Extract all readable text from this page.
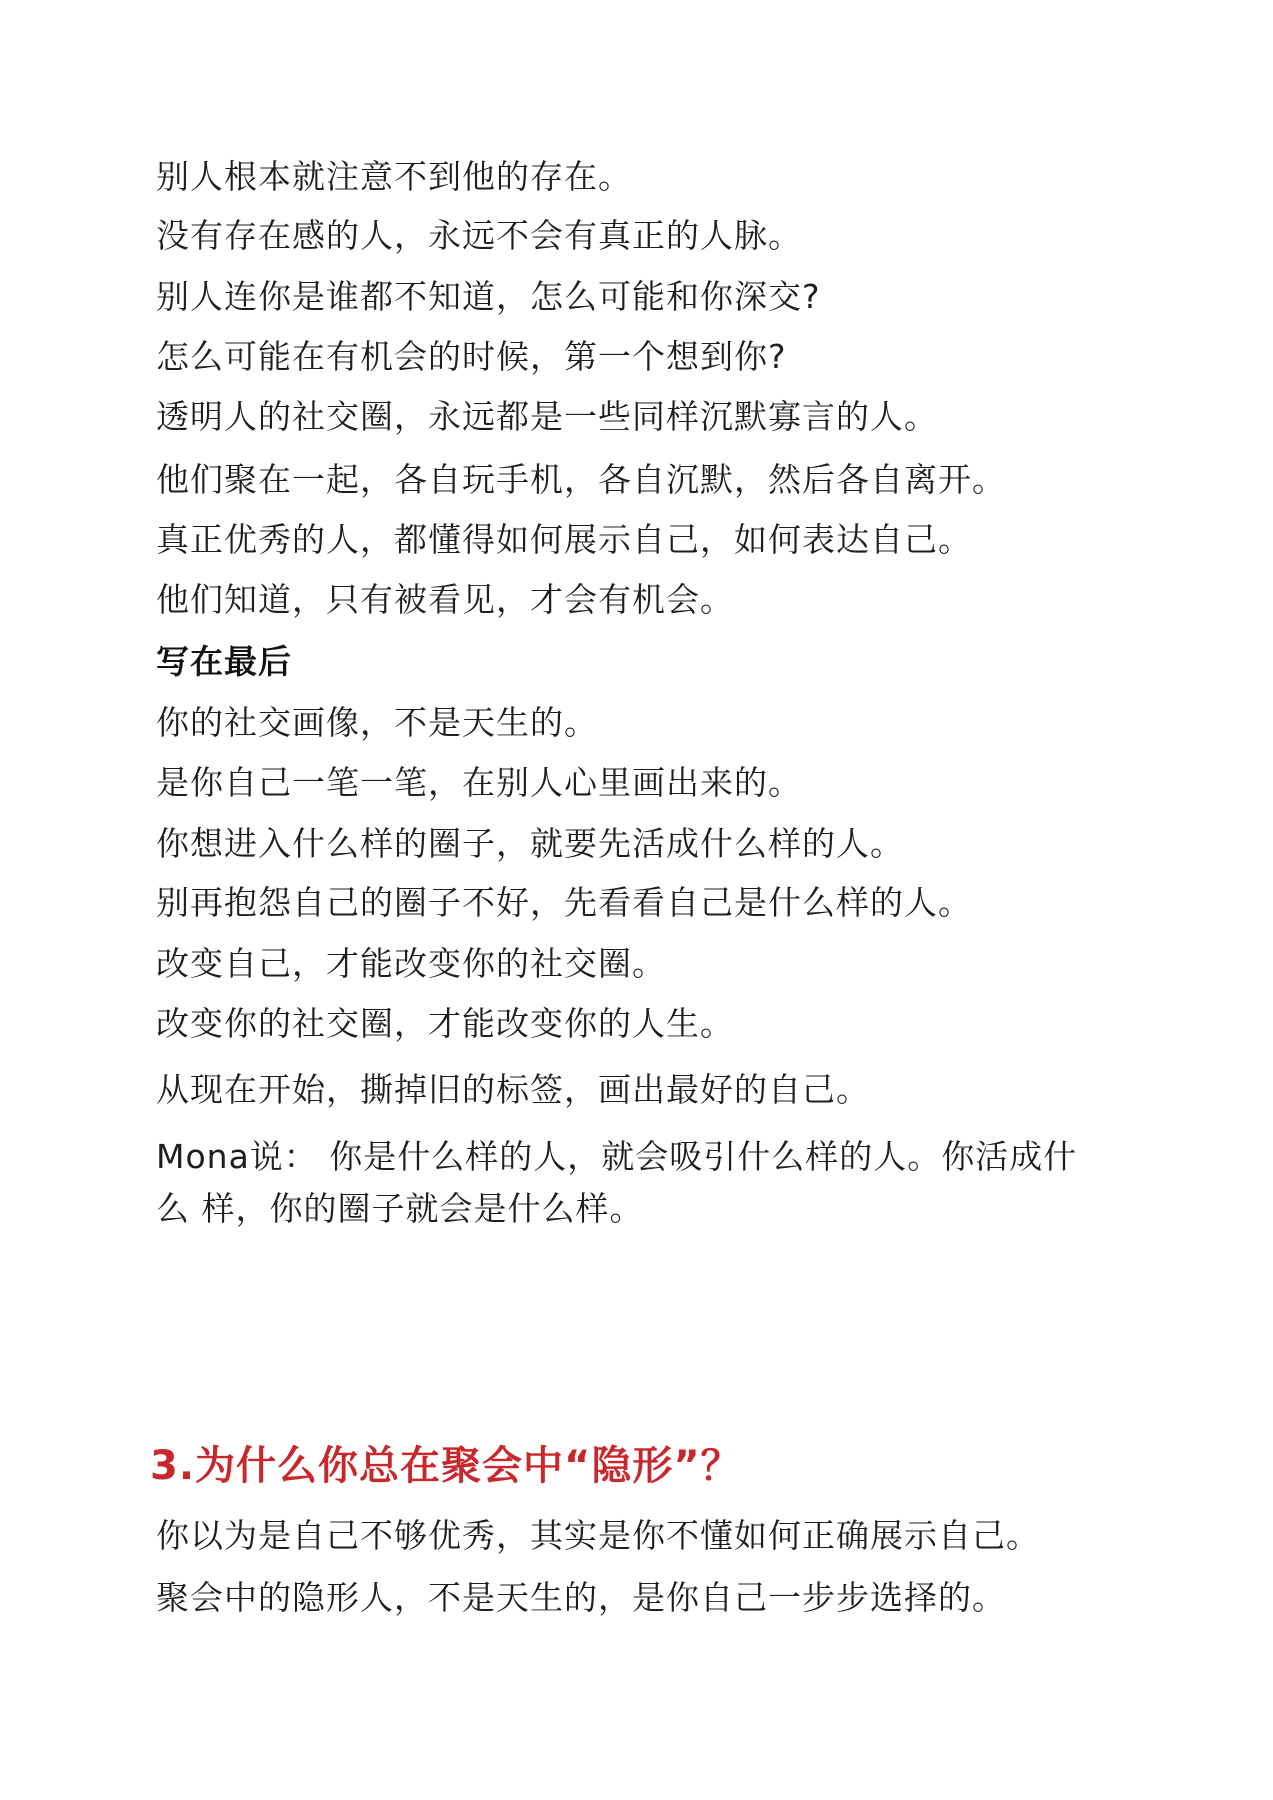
别人根本就注意不到他的存在。

没有存在感的人，永远不会有真正的人脉。

别人连你是谁都不知道，怎么可能和你深交?

怎么可能在有机会的时候，第一个想到你?

透明人的社交圈，永远都是一些同样沉默寡言的人。

他们聚在一起，各自玩手机，各自沉默，然后各自离开。

真正优秀的人，都懂得如何展示自己，如何表达自己。

他们知道，只有被看见，才会有机会。

写在最后

你的社交画像，不是天生的。

是你自己一笔一笔，在别人心里画出来的。

你想进入什么样的圈子，就要先活成什么样的人。

别再抱怨自己的圈子不好，先看看自己是什么样的人。

改变自己，才能改变你的社交圈。

改变你的社交圈，才能改变你的人生。

从现在开始，撕掉旧的标签，画出最好的自己。

Mona说： 你是什么样的人，就会吸引什么样的人。你活成什

么 样，你的圈子就会是什么样。

3.为什么你总在聚会中“隐形”？

你以为是自己不够优秀，其实是你不懂如何正确展示自己。

聚会中的隐形人，不是天生的，是你自己一步步选择的。
